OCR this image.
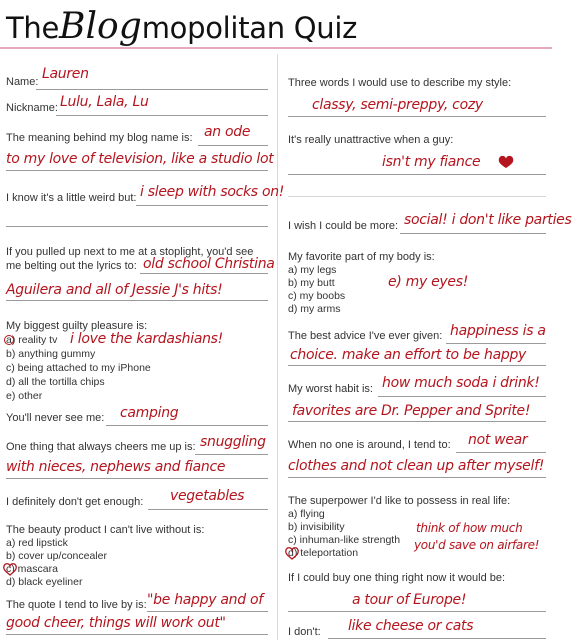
TheBlogmopolitan Quiz
Name: Lauren
Nickname: Lulu, Lala, Lu
The meaning behind my blog name is: an ode
to my love of television, like a studio lot
I know it's a little weird but: i sleep with socks on!
If you pulled up next to me at a stoplight, you'd see
me belting out the lyrics to: old school Christina
Aguilera and all of Jessie J's hits!
My biggest guilty pleasure is:
a) reality tv i love the kardashians!
b) anything gummy
c) being attached to my iPhone
d) all the tortilla chips
e) other
You'll never see me: camping
One thing that always cheers me up is: snuggling
with nieces, nephews and fiance
I definitely don't get enough: vegetables
The beauty product I can't live without is:
a) red lipstick
b) cover up/concealer
c) mascara
d) black eyeliner
The quote I tend to live by is: "be happy and of
good cheer, things will work out"
Three words I would use to describe my style:
classy, semi-preppy, cozy
It's really unattractive when a guy:
isn't my fiance
I wish I could be more: social! i don't like parties
My favorite part of my body is:
a) my legs
b) my butt
c) my boobs
d) my arms
e) my eyes!
The best advice I've ever given: happiness is a
choice. make an effort to be happy
My worst habit is: how much soda i drink!
favorites are Dr. Pepper and Sprite!
When no one is around, I tend to: not wear
clothes and not clean up after myself!
The superpower I'd like to possess in real life:
a) flying
b) invisibility
c) inhuman-like strength
d) teleportation
think of how much
you'd save on airfare!
If I could buy one thing right now it would be:
a tour of Europe!
I don't: like cheese or cats
